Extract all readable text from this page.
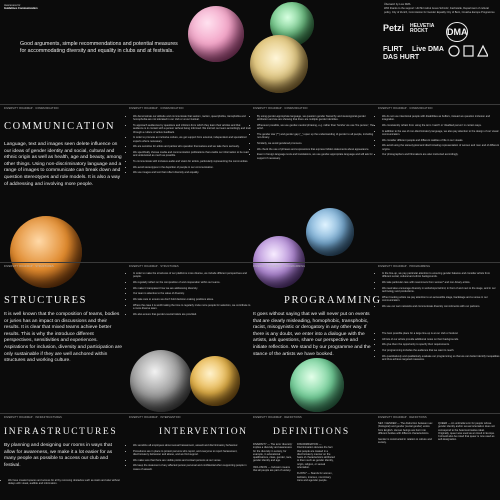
Awareness for
Guidelines Communication
Übersetzt by Live DMA
With thanks to the support: HGTE Institut Jesus Schmitz, Fachstelle, Department of cultural policy, City of Zurich, Commission for Gender Equality City of Bern, Creative Europe Programme
Petzi HELVETIA ROCKT	DMA
FLIRT
DAS HURT
Live DMA
Good arguments, simple recommendations and potential measures for accommodating diversity and equality in clubs and at festivals.
DIVERSITY ROADMAP · COMMUNICATION	DIVERSITY ROADMAP · COMMUNICATION	DIVERSITY ROADMAP · COMMUNICATION	DIVERSITY ROADMAP · COMMUNICATION
COMMUNICATION
Language, text and images seen delete influence on our ideas of gender identity and social, cultural and ethnic origin as well as health, age and beauty, among other things. Using non-discriminatory language and a range of images to communicate can break down and question stereotypes and role models. It is also a way of addressing and involving more people.
• We demonstrate our attitude and communicate that sexism, racism, queerphobia, transphobia and homophobia are not tolerated in our club or at our festival.
• To approach audiences by questions and criticism from which they learn their articles and that audience is in contact with a person without being informed. We instruct our team accordingly and train through a culture of active feedback.
• In order to promote an inclusive culture, we get support from external, independent and specialized experts where necessary.
• We are sensitive for artists and parties who question themselves and we take them seriously.
• We specifically choose media and communication publications that enable our information to be read and understood as much as possible.
• To communicate with inclusive audio and vision for artists, particularly representing the communities.
• We avoid stereotypes in the depiction of people in our communication.
• We use images and text that reflect diversity and equality.
• By using gender-appropriate language, we question gender hierarchy and stereotypical gender attribution and we are showing that there are multiple gender identities.
• Whenever possible, we use gender-neutral phrasing, e.g. rather than 'he/she' we use 'the person', 'the artist'.
• The gender star ('*') and gender gap ('_') open up the understanding of gender to all people, including non-binary.
• Similarly, we avoid gendered pronouns.
• We check the use of phrases and expressions that express hidden statements about appearance.
• Even in foreign language texts and translations, we use gender-appropriate language and will ask for support if necessary.
• We do not use intentional people with disabilities as buffers, instead we question inclusion and integration.
• We consistently refrain from using the term 'match' or 'disabled person' in certain ways.
• In addition to the use of non-discriminatory language, we also pay attention to the design of our visual communication.
• We consider different people and different realities of life in our visuals.
• We avoid using the stereotypical and discriminating representation of women and men and of different origins.
• Our photographers and filmmakers are also instructed accordingly.
DIVERSITY ROADMAP · STRUCTURES	DIVERSITY ROADMAP · STRUCTURES	DIVERSITY ROADMAP · PROGRAMMING	DIVERSITY ROADMAP · PROGRAMMING
STRUCTURES
It is well known that the composition of teams, bodies or juries has an impact on discussions and their results. It is clear that mixed teams achieve better results. This is why the introduce different perspectives, sensitivities and experiences. Aspirations for inclusion, diversity and participation are only sustainable if they are well anchored within structures and working culture.
• In order to make the structures of our platforms more diverse, we include different perspectives and people.
• We regularly reflect on the composition of and cooperation within our teams.
• We make it transparent how we are addressing diversity.
• Our team is attentive to the value of diversity.
• We take care to ensure we don't hold decision-making positions alone.
• Where the case it is worth taking the time to regularly invite more people for selection, we contribute to a more diverse team.
• We also ensure that gender-neutral toilets are provided.
PROGRAMMING
It goes without saying that we will never put on events that are clearly misleading, homophobic, transphobic, racist, misogynistic or derogatory in any other way. If there is any doubt, we enter into a dialogue with the artists, ask questions, share our perspective and initiate reflection. We stand by our programme and the stance of the artists we have booked.
• In the line-up, we pay particular attention to ensuring gender balance and consider artists from different social, cultural and ethnic backgrounds.
• We take particular care with newcomers from women* and non-binary artists.
• We need also encourage diversity in workshops behind, in front of and next to the stage, and in our technology and productions.
• When booking artists we pay attention to an accessible stage, backstage and a venue in our communication.
• We use our own networks and communicate diversity commitments with our partners.
• The best possible place for a large line-up is at our club or festival.
• All lists of our artists provide additional notes on their backgrounds.
• We give them the opportunity to specify their requirements.
• Our programming includes the audience that we want to reach.
• We quantitatively and qualitatively evaluate our programming so that we can better identify inequalities and thus achieve targeted measures.
DIVERSITY ROADMAP · INFRASTRUCTURES	DIVERSITY ROADMAP · INTERVENTION	DIVERSITY ROADMAP · DEFINITIONS	DIVERSITY ROADMAP · DEFINITIONS
INFRASTRUCTURES
By planning and designing our rooms in ways that allow for awareness, we make it a lot easier for as many people as possible to access our club and festival.
• We have created spaces and access for all by removing obstacles such as stairs and also without delays with visual, audible and information.
INTERVENTION
• We sensitize all employees about sexual harassment, assault and discriminatory behaviour.
• Procedures are in place to protect persons who report, and everyone to report harassment, discriminatory behaviour and abuse, and we find support.
• We make sure that there are visible points and contact persons at our venue.
• We keep the statement of any affected person personal and confidential when supporting people in cases of assault.
DEFINITIONS
DIVERSITY — The term 'diversity' implies a diversity and awareness for the diversity in society, for example, in educational qualifications, class, gender, race, gender identity and age.
INCLUSION — Inclusion means that all people are part of society.
DISCRIMINATION — Discrimination denotes the fact that people are treated in a discriminatory manner on the basis of characteristics attributed to them such as gender identity, origin, religion, or sexual orientation.
FLINTA* — Stands for women, lesbians, intersex, non-binary, trans and agender people.
SEX / GENDER — The distinction between sex (biological) and gender (social gender) exists from English. Human beings are born into different bodies with different characteristics.
Gender is constructed in relation to culture and society.
QUEER — An umbrella term for people whose gender identity and/or sexual orientation does not correspond to the heteronormative ideal. Originally, queer was used as an insult in Europe. It should also be noted that queer is now used as self-designation.
